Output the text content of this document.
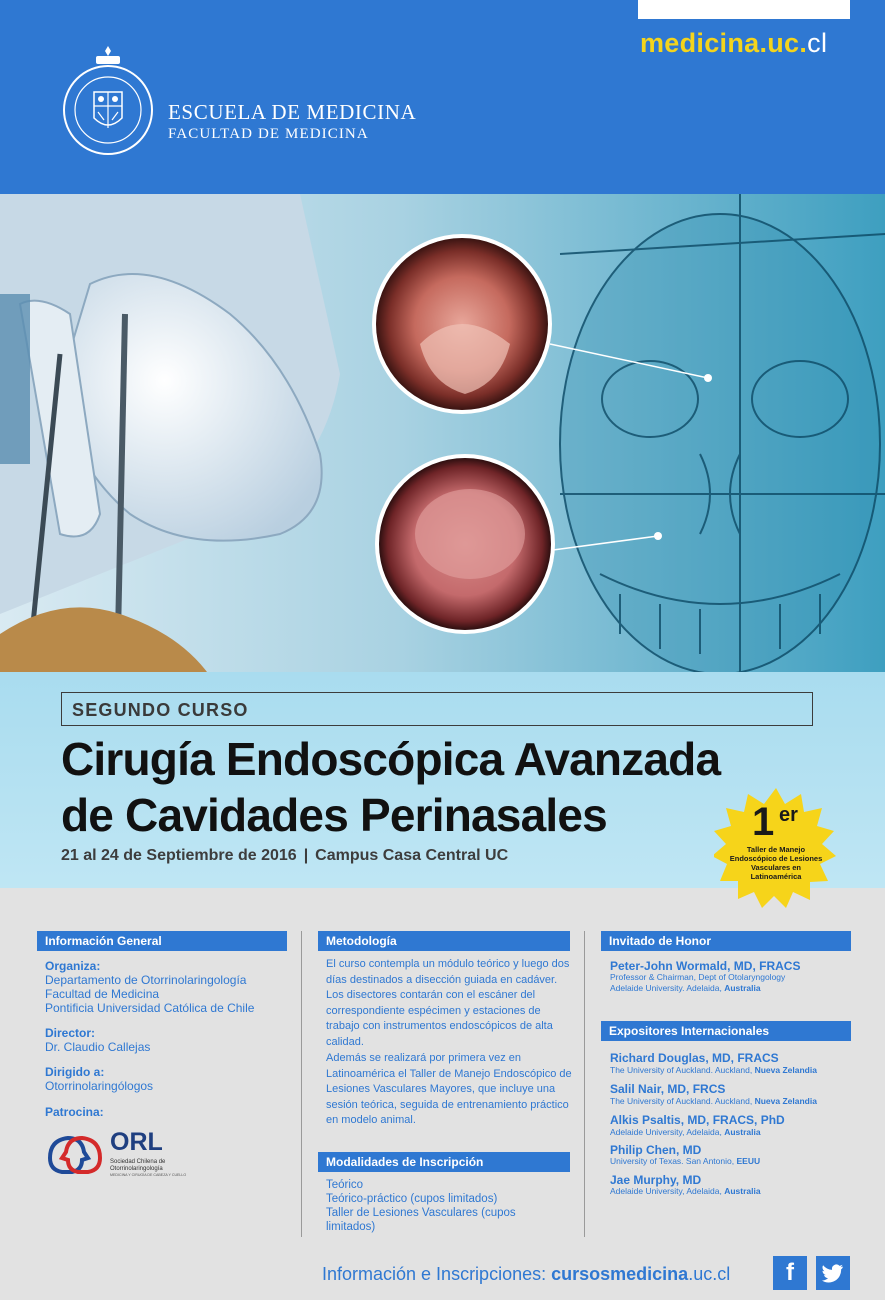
medicina.uc.cl
ESCUELA DE MEDICINA
FACULTAD DE MEDICINA
SEGUNDO CURSO
Cirugía Endoscópica Avanzada
de Cavidades Perinasales
21 al 24 de Septiembre de 2016 | Campus Casa Central UC
1 er
Taller de Manejo Endoscópico de Lesiones Vasculares en Latinoamérica
Información General
Organiza:
Departamento de Otorrinolaringología
Facultad de Medicina
Pontificia Universidad Católica de Chile
Director:
Dr. Claudio Callejas
Dirigido a:
Otorrinolaringólogos
Patrocina:
ORL
Sociedad Chilena de
Otorrinolaringología
MEDICINA Y CIRUGÍA DE CABEZA Y CUELLO
Metodología
El curso contempla un módulo teórico y luego dos días destinados a disección guiada en cadáver. Los disectores contarán con el escáner del correspondiente espécimen y estaciones de trabajo con instrumentos endoscópicos de alta calidad.
Además se realizará por primera vez en Latinoamérica el Taller de Manejo Endoscópico de Lesiones Vasculares Mayores, que incluye una sesión teórica, seguida de entrenamiento práctico en modelo animal.
Modalidades de Inscripción
Teórico
Teórico-práctico (cupos limitados)
Taller de Lesiones Vasculares (cupos limitados)
Invitado de Honor
Peter-John Wormald, MD, FRACS
Professor & Chairman, Dept of Otolaryngology
Adelaide University. Adelaida, Australia
Expositores Internacionales
Richard Douglas, MD, FRACS
The University of Auckland. Auckland, Nueva Zelandia
Salil Nair, MD, FRCS
The University of Auckland. Auckland, Nueva Zelandia
Alkis Psaltis, MD, FRACS, PhD
Adelaide University, Adelaida, Australia
Philip Chen, MD
University of Texas. San Antonio, EEUU
Jae Murphy, MD
Adelaide University, Adelaida, Australia
Información e Inscripciones: cursosmedicina.uc.cl	f
